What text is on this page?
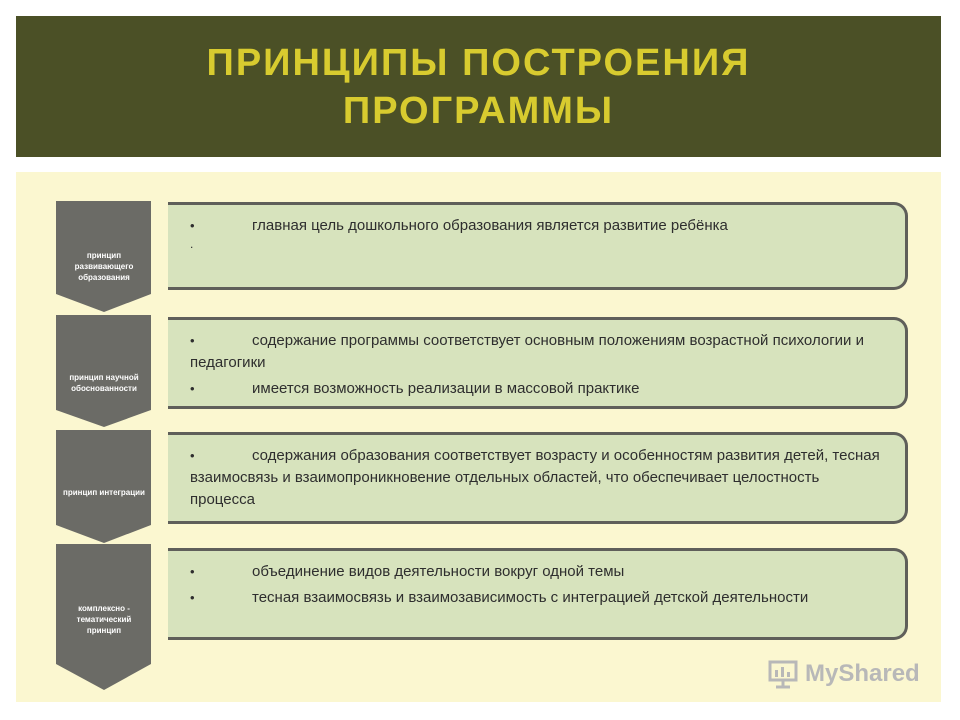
ПРИНЦИПЫ ПОСТРОЕНИЯ ПРОГРАММЫ
принцип развивающего образования
принцип научной обоснованности
принцип интеграции
комплексно - тематический принцип
•	главная цель дошкольного образования является развитие ребёнка
.
•	содержание программы соответствует основным положениям возрастной психологии и педагогики
•	имеется возможность реализации в массовой практике
•	содержания образования соответствует возрасту и особенностям развития детей, тесная взаимосвязь и взаимопроникновение отдельных областей, что обеспечивает целостность процесса
•	объединение видов деятельности вокруг одной темы
•	тесная взаимосвязь и взаимозависимость с интеграцией детской деятельности
MyShared
